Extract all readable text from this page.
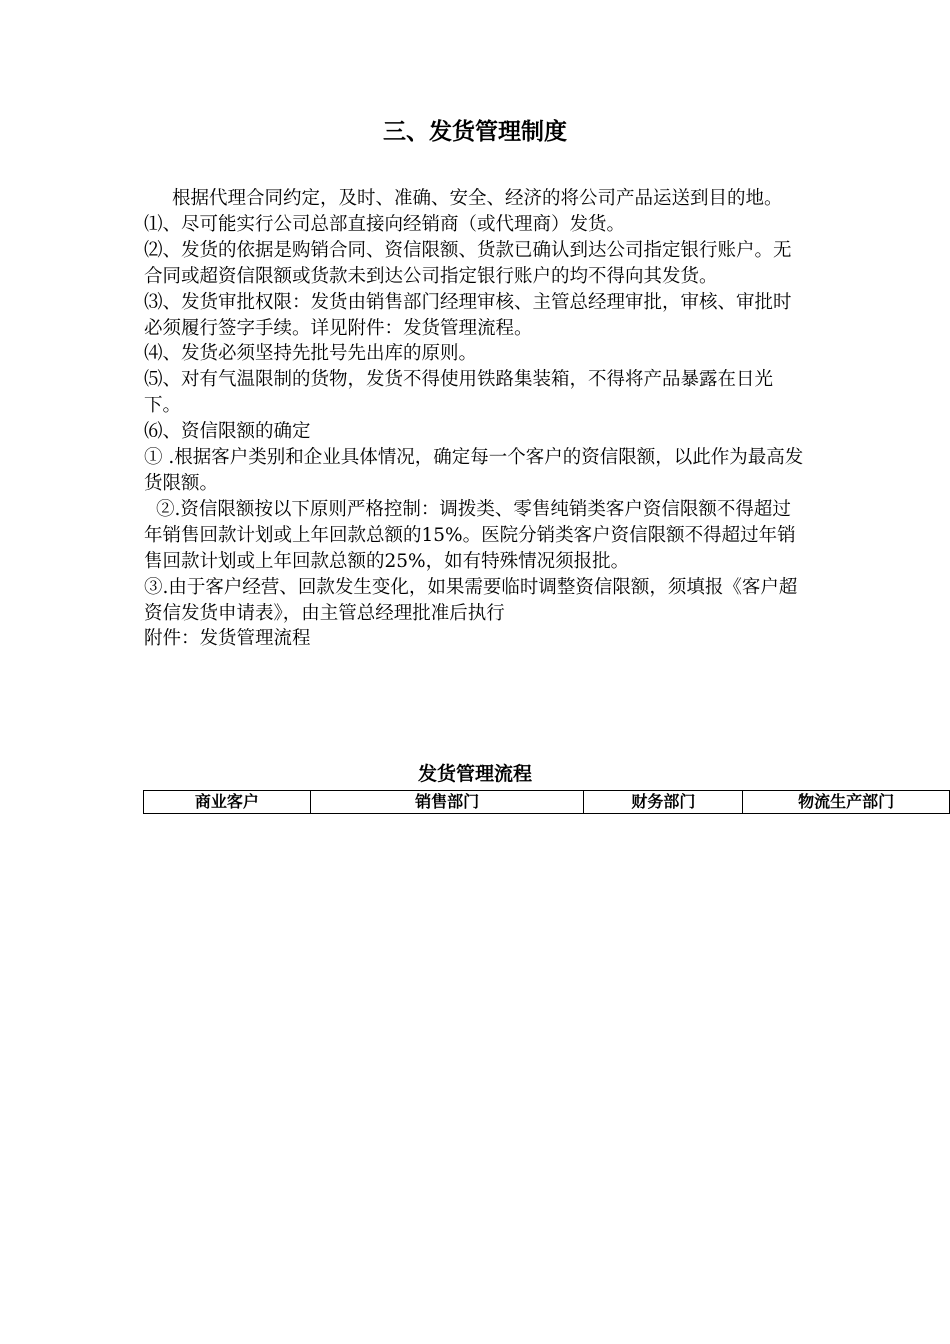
三、发货管理制度

根据代理合同约定，及时、准确、安全、经济的将公司产品运送到目的地。

⑴、尽可能实行公司总部直接向经销商（或代理商）发货。

⑵、发货的依据是购销合同、资信限额、货款已确认到达公司指定银行账户。无合同或超资信限额或货款未到达公司指定银行账户的均不得向其发货。

⑶、发货审批权限：发货由销售部门经理审核、主管总经理审批，审核、审批时必须履行签字手续。详见附件：发货管理流程。

⑷、发货必须坚持先批号先出库的原则。

⑸、对有气温限制的货物，发货不得使用铁路集装箱，不得将产品暴露在日光下。

⑹、资信限额的确定

① .根据客户类别和企业具体情况，确定每一个客户的资信限额，以此作为最高发货限额。

②.资信限额按以下原则严格控制：调拨类、零售纯销类客户资信限额不得超过年销售回款计划或上年回款总额的15%。医院分销类客户资信限额不得超过年销售回款计划或上年回款总额的25%，如有特殊情况须报批。

③.由于客户经营、回款发生变化，如果需要临时调整资信限额，须填报《客户超资信发货申请表》，由主管总经理批准后执行

附件：发货管理流程

发货管理流程
商业客户	销售部门	财务部门	物流生产部门
